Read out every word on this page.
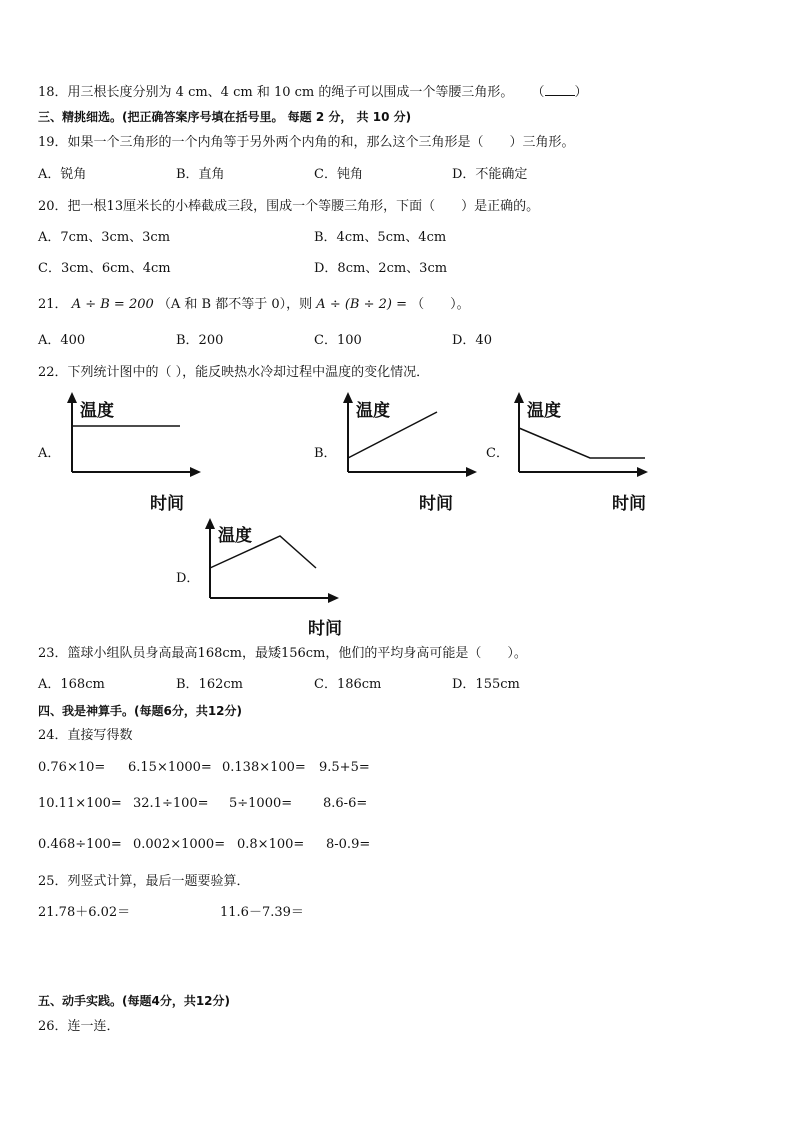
18．用三根长度分别为 4 cm、4 cm 和 10 cm 的绳子可以围成一个等腰三角形。 （ ）
三、精挑细选。(把正确答案序号填在括号里。 每题 2 分， 共 10 分)
19．如果一个三角形的一个内角等于另外两个内角的和，那么这个三角形是（　　）三角形。
A．锐角	B．直角	C．钝角	D．不能确定
20．把一根13厘米长的小棒截成三段，围成一个等腰三角形，下面（　　）是正确的。
A．7cm、3cm、3cm	B．4cm、5cm、4cm
C．3cm、6cm、4cm	D．8cm、2cm、3cm
21． A ÷ B = 200 （A 和 B 都不等于 0），则 A ÷ (B ÷ 2) = （　　）。
A．400	B．200	C．100	D．40
22．下列统计图中的（ ），能反映热水冷却过程中温度的变化情况．
A．
温度
时间
B．
温度
时间
C．
温度
时间
D．
温度
时间
23．篮球小组队员身高最高168cm，最矮156cm，他们的平均身高可能是（　　）。
A．168cm	B．162cm	C．186cm	D．155cm
四、我是神算手。(每题6分，共12分)
24．直接写得数
0.76×10= 6.15×1000= 0.138×100= 9.5+5=
10.11×100= 32.1÷100= 5÷1000= 8.6-6=
0.468÷100= 0.002×1000= 0.8×100= 8-0.9=
25．列竖式计算，最后一题要验算．
21.78＋6.02＝	11.6－7.39＝
五、动手实践。(每题4分，共12分)
26．连一连．
